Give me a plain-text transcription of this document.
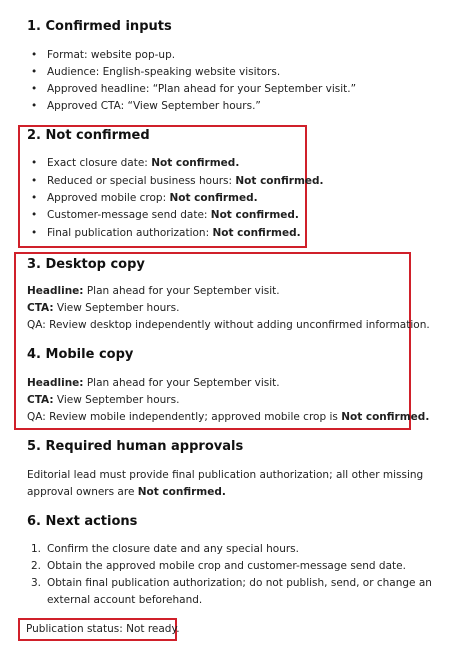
1. Confirmed inputs
• Format: website pop-up.
• Audience: English-speaking website visitors.
• Approved headline: “Plan ahead for your September visit.”
• Approved CTA: “View September hours.”
2. Not confirmed
• Exact closure date: Not confirmed.
• Reduced or special business hours: Not confirmed.
• Approved mobile crop: Not confirmed.
• Customer-message send date: Not confirmed.
• Final publication authorization: Not confirmed.
3. Desktop copy
Headline: Plan ahead for your September visit.
CTA: View September hours.
QA: Review desktop independently without adding unconfirmed information.
4. Mobile copy
Headline: Plan ahead for your September visit.
CTA: View September hours.
QA: Review mobile independently; approved mobile crop is Not confirmed.
5. Required human approvals
Editorial lead must provide final publication authorization; all other missing
approval owners are Not confirmed.
6. Next actions
1. Confirm the closure date and any special hours.
2. Obtain the approved mobile crop and customer-message send date.
3. Obtain final publication authorization; do not publish, send, or change an
external account beforehand.
Publication status: Not ready.
